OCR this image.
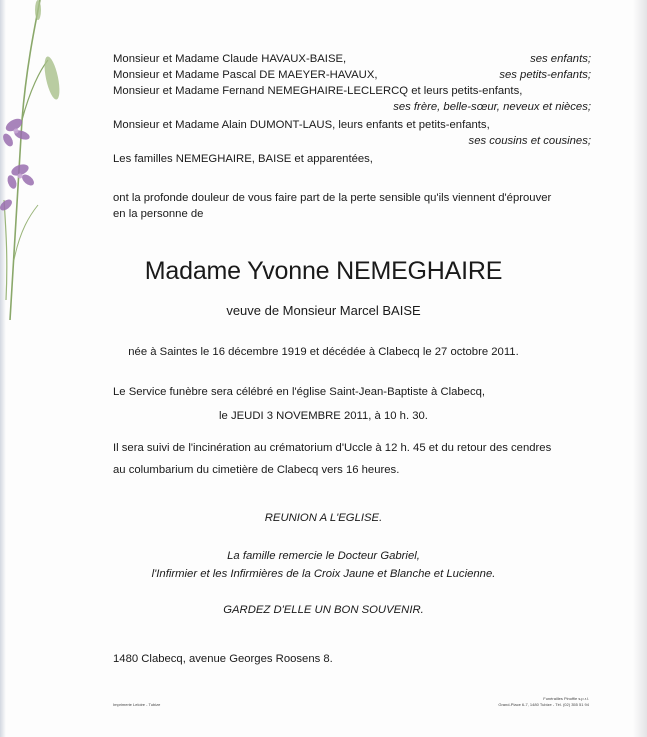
Monsieur et Madame Claude HAVAUX-BAISE,	ses enfants;
Monsieur et Madame Pascal DE MAEYER-HAVAUX,	ses petits-enfants;
Monsieur et Madame Fernand NEMEGHAIRE-LECLERCQ et leurs petits-enfants,
ses frère, belle-sœur, neveux et nièces;
Monsieur et Madame Alain DUMONT-LAUS, leurs enfants et petits-enfants,
ses cousins et cousines;
Les familles NEMEGHAIRE, BAISE et apparentées,
ont la profonde douleur de vous faire part de la perte sensible qu'ils viennent d'éprouver
en la personne de
Madame Yvonne NEMEGHAIRE
veuve de Monsieur Marcel BAISE
née à Saintes le 16 décembre 1919 et décédée à Clabecq le 27 octobre 2011.
Le Service funèbre sera célébré en l'église Saint-Jean-Baptiste à Clabecq,
le JEUDI 3 NOVEMBRE 2011, à 10 h. 30.
Il sera suivi de l'incinération au crématorium d'Uccle à 12 h. 45 et du retour des cendres
au columbarium du cimetière de Clabecq vers 16 heures.
REUNION A L'EGLISE.
La famille remercie le Docteur Gabriel,
l'Infirmier et les Infirmières de la Croix Jaune et Blanche et Lucienne.
GARDEZ D'ELLE UN BON SOUVENIR.
1480 Clabecq, avenue Georges Roosens 8.
Imprimerie Leloire - Tubize
Funérailles Pinoffie s.p.r.l.
Grand-Place 6-7, 1480 Tubize - Tél. (02) 355 51 94
